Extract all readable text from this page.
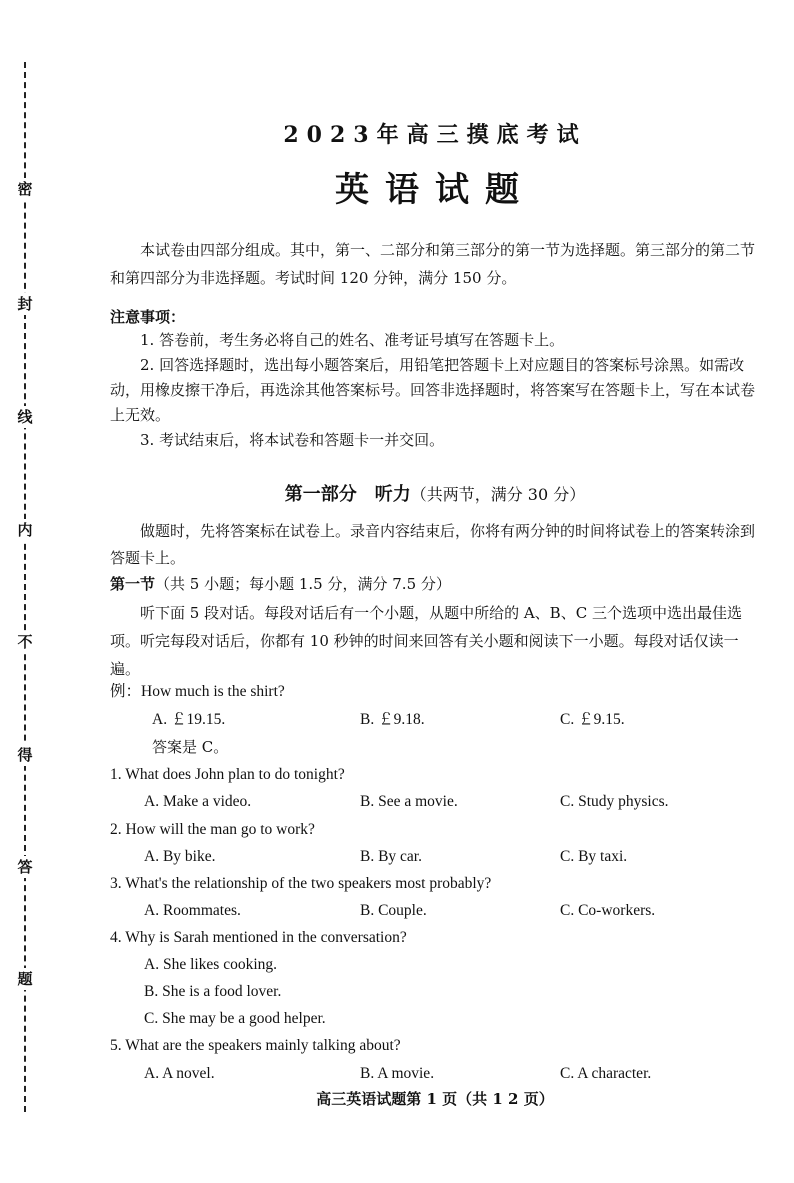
密
封
线
内
不
得
答
题
2023年高三摸底考试
英语试题
本试卷由四部分组成。其中，第一、二部分和第三部分的第一节为选择题。第三部分的第二节和第四部分为非选择题。考试时间 120 分钟，满分 150 分。
注意事项：

1. 答卷前，考生务必将自己的姓名、准考证号填写在答题卡上。

2. 回答选择题时，选出每小题答案后，用铅笔把答题卡上对应题目的答案标号涂黑。如需改动，用橡皮擦干净后，再选涂其他答案标号。回答非选择题时，将答案写在答题卡上，写在本试卷上无效。

3. 考试结束后，将本试卷和答题卡一并交回。

第一部分　听力（共两节，满分 30 分）
做题时，先将答案标在试卷上。录音内容结束后，你将有两分钟的时间将试卷上的答案转涂到答题卡上。
第一节（共 5 小题；每小题 1.5 分，满分 7.5 分）
听下面 5 段对话。每段对话后有一个小题，从题中所给的 A、B、C 三个选项中选出最佳选项。听完每段对话后，你都有 10 秒钟的时间来回答有关小题和阅读下一小题。每段对话仅读一遍。
例：How much is the shirt?
A. ￡19.15.	B. ￡9.18.	C. ￡9.15.
答案是 C。
1. What does John plan to do tonight?
A. Make a video.	B. See a movie.	C. Study physics.
2. How will the man go to work?
A. By bike.	B. By car.	C. By taxi.
3. What's the relationship of the two speakers most probably?
A. Roommates.	B. Couple.	C. Co-workers.
4. Why is Sarah mentioned in the conversation?
A. She likes cooking.
B. She is a food lover.
C. She may be a good helper.
5. What are the speakers mainly talking about?
A. A novel.	B. A movie.	C. A character.
高三英语试题第 1 页（共 1 2 页）
